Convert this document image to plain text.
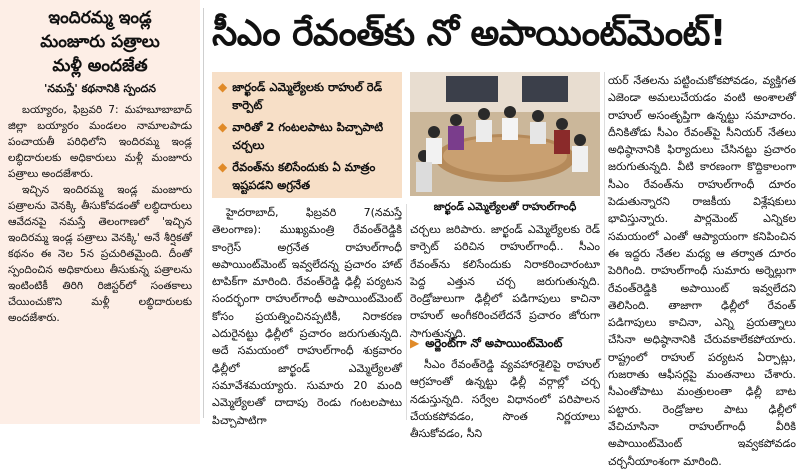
ఇందిరమ్మ ఇండ్ల

మంజూరు పత్రాలు

మళ్లీ అందజేత

'నమస్తే' కథనానికి స్పందన

బయ్యారం, ఫిబ్రవరి 7: మహబూబాబాద్ జిల్లా బయ్యారం మండలం నామాలపాడు పంచాయతీ పరిధిలోని ఇందిరమ్మ ఇండ్ల లబ్ధిదారులకు అధికారులు మళ్లీ మంజూరు పత్రాలు అందజేశారు.

ఇచ్చిన ఇందిరమ్మ ఇండ్ల మంజూరు పత్రాలను వెనక్కి తీసుకోవడంతో లబ్ధిదారులు ఆవేదనపై నమస్తే తెలంగాణలో 'ఇచ్చిన ఇందిరమ్మ ఇండ్ల పత్రాలు వెనక్కి' అనే శీర్షికతో కథనం ఈ నెల 5న ప్రచురితమైంది. దీంతో స్పందించిన అధికారులు తీసుకున్న పత్రాలను ఇంటింటికీ తిరిగి రిజిస్టర్‌లో సంతకాలు చేయించుకొని మళ్లీ లబ్ధిదారులకు అందజేశారు.

సీఎం రేవంత్‌కు నో అపాయింట్‌మెంట్‌!
◆ జార్ఖండ్ ఎమ్మెల్యేలకు రాహుల్ రెడ్ కార్పెట్
◆ వారితో 2 గంటలపాటు పిచ్చాపాటి చర్చలు
◆ రేవంత్‌ను కలిసేందుకు ఏ మాత్రం ఇష్టపడని అగ్రనేత
జార్ఖండ్ ఎమ్మెల్యేలతో రాహుల్‌గాంధీ

హైదరాబాద్, ఫిబ్రవరి 7(నమస్తే తెలంగాణ): ముఖ్యమంత్రి రేవంత్‌రెడ్డికి కాంగ్రెస్ అగ్రనేత రాహుల్‌గాంధీ అపాయింట్‌మెంట్ ఇవ్వలేదన్న ప్రచారం హాట్ టాపిక్‌గా మారింది. రేవంత్‌రెడ్డి ఢిల్లీ పర్యటన సందర్భంగా రాహుల్‌గాంధీ అపాయింట్‌మెంట్ కోసం ప్రయత్నించినప్పటికీ, నిరాకరణ ఎదురైనట్టు ఢిల్లీలో ప్రచారం జరుగుతున్నది. అదే సమయంలో రాహుల్‌గాంధీ శుక్రవారం ఢిల్లీలో జార్ఖండ్ ఎమ్మెల్యేలతో సమావేశమయ్యారు. సుమారు 20 మంది ఎమ్మెల్యేలతో దాదాపు రెండు గంటలపాటు పిచ్చాపాటిగా

చర్చలు జరిపారు. జార్ఖండ్ ఎమ్మెల్యేలకు రెడ్ కార్పెట్ పరిచిన రాహుల్‌గాంధీ.. సీఎం రేవంత్‌ను కలిసేందుకు నిరాకరించారంటూ పెద్ద ఎత్తున చర్చ జరుగుతున్నది. రెండ్రోజులుగా ఢిల్లీలో పడిగాపులు కాచినా రాహుల్ అంగీకరించలేదనే ప్రచారం జోరుగా సాగుతున్నది.

▶ అర్జెంట్‌గా నో అపాయింట్‌మెంట్‌

సీఎం రేవంత్‌రెడ్డి వ్యవహారశైలిపై రాహుల్ ఆగ్రహంతో ఉన్నట్టు ఢిల్లీ వర్గాల్లో చర్చ నడుస్తున్నది. సర్వేల విధానంలో పరిపాలన చేయకపోవడం, సొంత నిర్ణయాలు తీసుకోవడం, సీని

యర్ నేతలను పట్టించుకోకపోవడం, వ్యక్తిగత ఎజెండా అమలుచేయడం వంటి అంశాలతో రాహుల్ అసంతృప్తిగా ఉన్నట్టు సమాచారం. దీనికితోడు సీఎం రేవంత్‌పై సీనియర్ నేతలు అధిష్ఠానానికి ఫిర్యాదులు చేసినట్టు ప్రచారం జరుగుతున్నది. వీటి కారణంగా కొద్దికాలంగా సీఎం రేవంత్‌ను రాహుల్‌గాంధీ దూరం పెడుతున్నారని రాజకీయ విశ్లేషకులు భావిస్తున్నారు. పార్లమెంట్ ఎన్నికల సమయంలో ఎంతో ఆప్యాయంగా కనిపించిన ఈ ఇద్దరు నేతల మధ్య ఆ తర్వాత దూరం పెరిగింది. రాహుల్‌గాంధీ సుమారు అర్నెల్లుగా రేవంత్‌రెడ్డికి అపాయింట్ ఇవ్వలేదని తెలిసింది. తాజాగా ఢిల్లీలో రేవంత్ పడిగాపులు కాచినా, ఎన్ని ప్రయత్నాలు చేసినా అధిష్ఠానానికి చేరువకాలేకపోయారు. రాష్ట్రంలో రాహుల్ పర్యటన ఏర్పాట్లు, గుజరాతు ఆఫీసర్లపై మంతనాలు చేశారు. సీఎంతోపాటు మంత్రులంతా ఢిల్లీ బాట పట్టారు. రెండ్రోజుల పాటు ఢిల్లీలో వేచిచూసినా రాహుల్‌గాంధీ వీరికి అపాయింట్‌మెంట్ ఇవ్వకపోవడం చర్చనీయాంశంగా మారింది.
